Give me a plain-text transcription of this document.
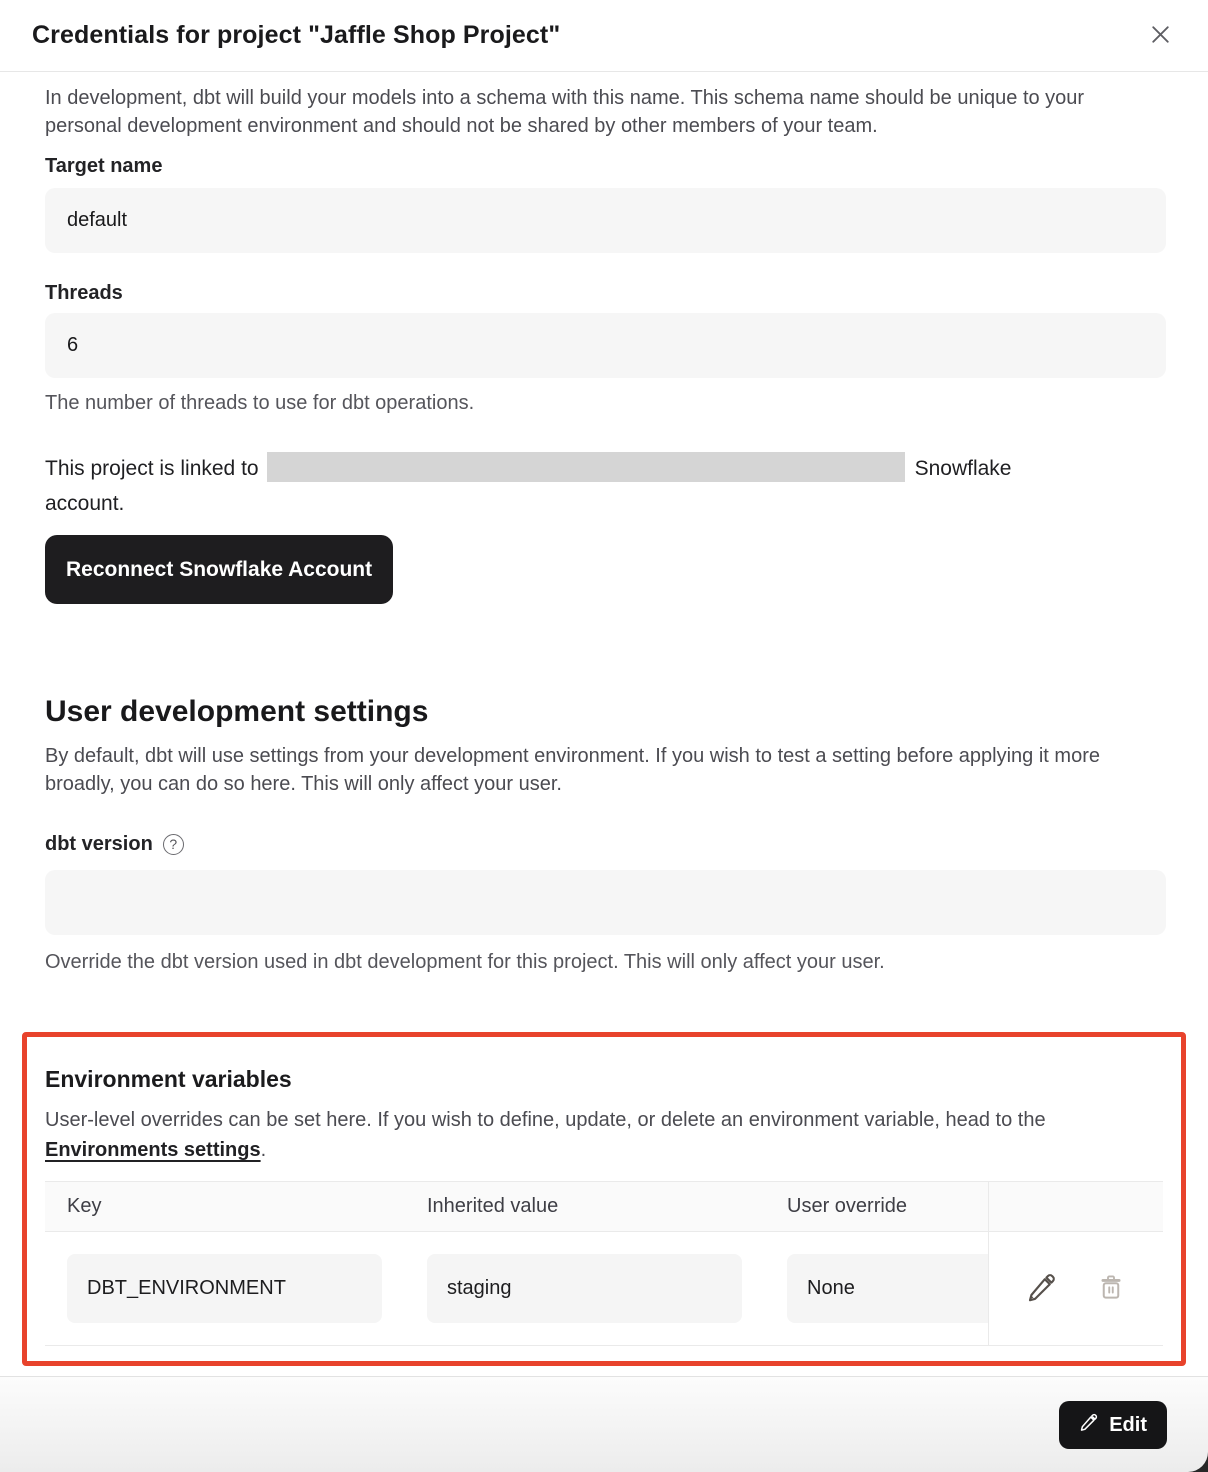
Credentials for project "Jaffle Shop Project"

In development, dbt will build your models into a schema with this name. This schema name should be unique to your personal development environment and should not be shared by other members of your team.

Target name
default
Threads
6
The number of threads to use for dbt operations.

This project is linked to	Snowflake
account.

Reconnect Snowflake Account
User development settings

By default, dbt will use settings from your development environment. If you wish to test a setting before applying it more broadly, you can do so here. This will only affect your user.

dbt version
?
Override the dbt version used in dbt development for this project. This will only affect your user.
Environment variables

User-level overrides can be set here. If you wish to define, update, or delete an environment variable, head to the Environments settings.

Key	Inherited value	User override
DBT_ENVIRONMENT	staging	None
Edit
